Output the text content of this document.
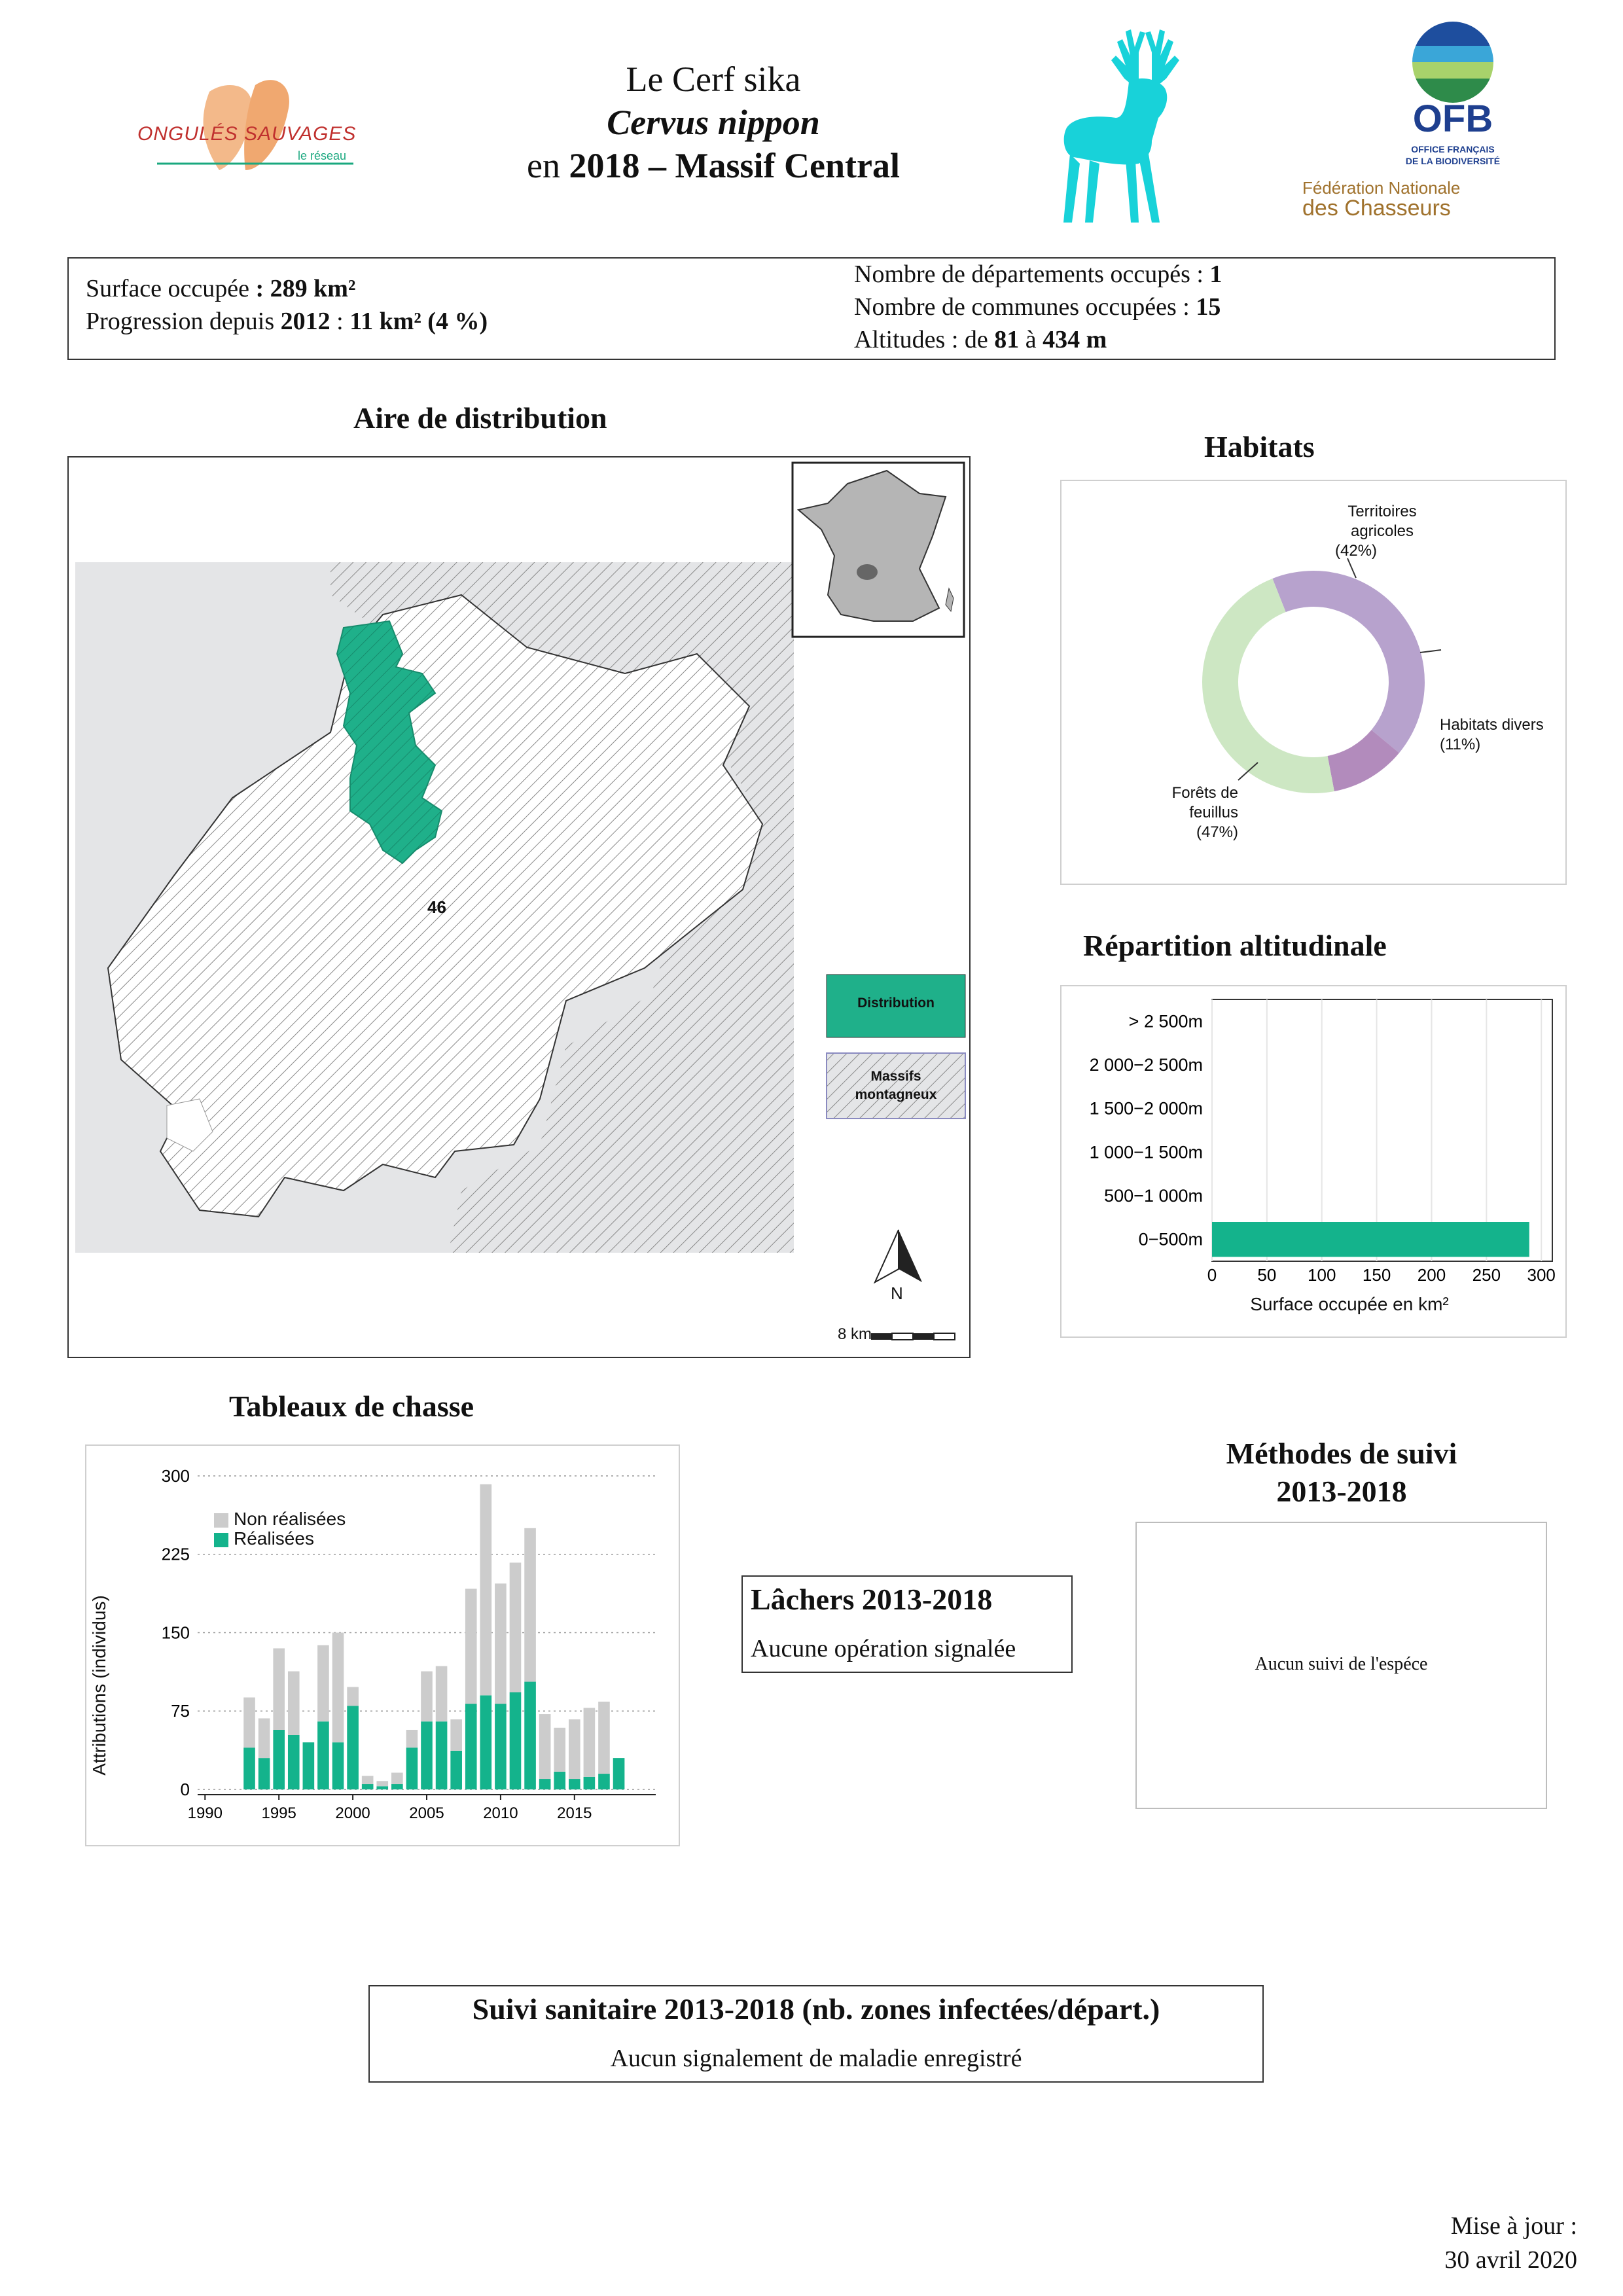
ONGULÉS SAUVAGES
le réseau
Le Cerf sika
Cervus nippon
en 2018 – Massif Central
OFB
OFFICE FRANÇAIS
DE LA BIODIVERSITÉ
Fédération Nationale
des Chasseurs
Surface occupée : 289 km²
Progression depuis 2012 : 11 km² (4 %)
Nombre de départements occupés : 1
Nombre de communes occupées : 15
Altitudes : de 81 à 434 m
Aire de distribution
46
Distribution
Massifs
montagneux
N
8 km
Habitats
Territoires
agricoles
(42%)
Habitats divers
(11%)
Forêts de
feuillus
(47%)
Répartition altitudinale
0 50 100 150 200 250 300
0−500m
500−1 000m
1 000−1 500m
1 500−2 000m
2 000−2 500m
> 2 500m
Surface occupée en km²
Tableaux de chasse
0
75
150
225
300
1990 1995 2000 2005 2010 2015
Attributions (individus)
Non réalisées
Réalisées
Lâchers 2013-2018
Aucune opération signalée
Méthodes de suivi
2013-2018
Aucun suivi de l'espéce
Suivi sanitaire 2013-2018 (nb. zones infectées/départ.)
Aucun signalement de maladie enregistré
Mise à jour :
30 avril 2020
